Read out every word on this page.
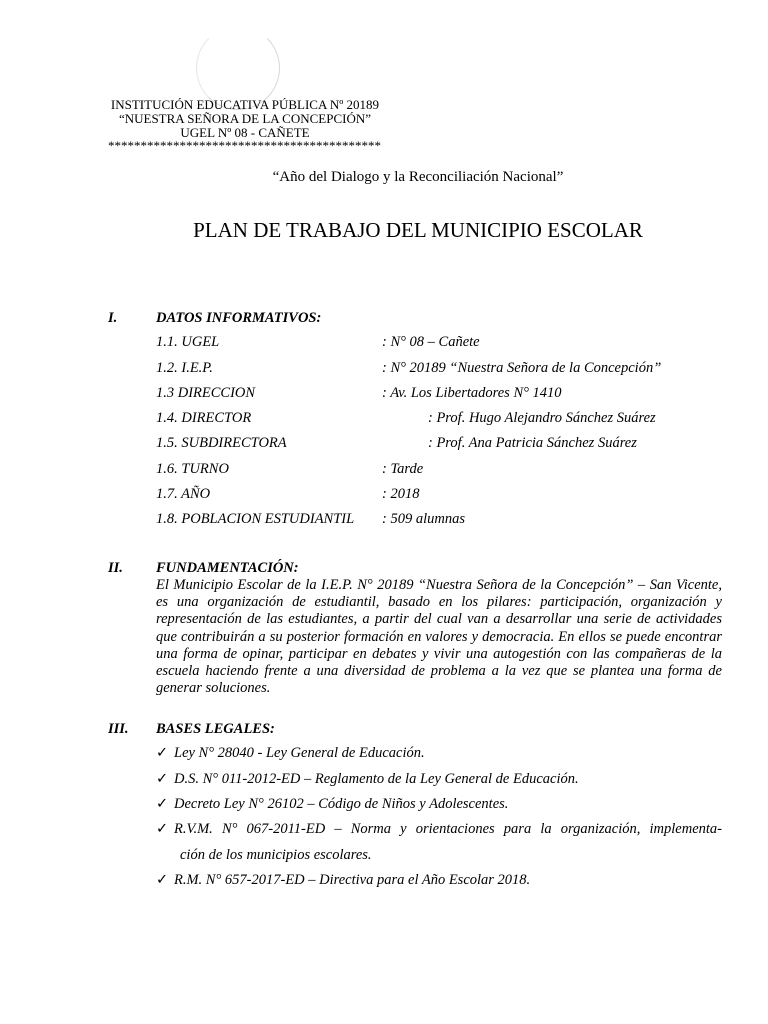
INSTITUCIÓN EDUCATIVA PÚBLICA Nº 20189
“NUESTRA SEÑORA DE LA CONCEPCIÓN”
UGEL Nº 08 - CAÑETE
******************************************
“Año del Dialogo y la Reconciliación Nacional”
PLAN DE TRABAJO DEL MUNICIPIO ESCOLAR
I.	DATOS INFORMATIVOS:
1.1. UGEL	: N° 08 – Cañete
1.2. I.E.P.	: N° 20189 “Nuestra Señora de la Concepción”
1.3 DIRECCION	: Av. Los Libertadores N° 1410
1.4. DIRECTOR	: Prof. Hugo Alejandro Sánchez Suárez
1.5. SUBDIRECTORA	: Prof. Ana Patricia Sánchez Suárez
1.6. TURNO	: Tarde
1.7. AÑO	: 2018
1.8. POBLACION ESTUDIANTIL : 509 alumnas
II. FUNDAMENTACIÓN:
El Municipio Escolar de la I.E.P. N° 20189 “Nuestra Señora de la Concepción” – San Vicente, es una organización de estudiantil, basado en los pilares: participación, organización y representación de las estudiantes, a partir del cual van a desarrollar una serie de actividades que contribuirán a su posterior formación en valores y democracia. En ellos se puede encontrar una forma de opinar, participar en debates y vivir una autogestión con las compañeras de la escuela haciendo frente a una diversidad de problema a la vez que se plantea una forma de generar soluciones.
III. BASES LEGALES:
✓ Ley N° 28040 - Ley General de Educación.
✓ D.S. N° 011-2012-ED – Reglamento de la Ley General de Educación.
✓ Decreto Ley N° 26102 – Código de Niños y Adolescentes.
✓ R.V.M. N° 067-2011-ED – Norma y orientaciones para la organización, implementa-
ción de los municipios escolares.
✓ R.M. N° 657-2017-ED – Directiva para el Año Escolar 2018.
